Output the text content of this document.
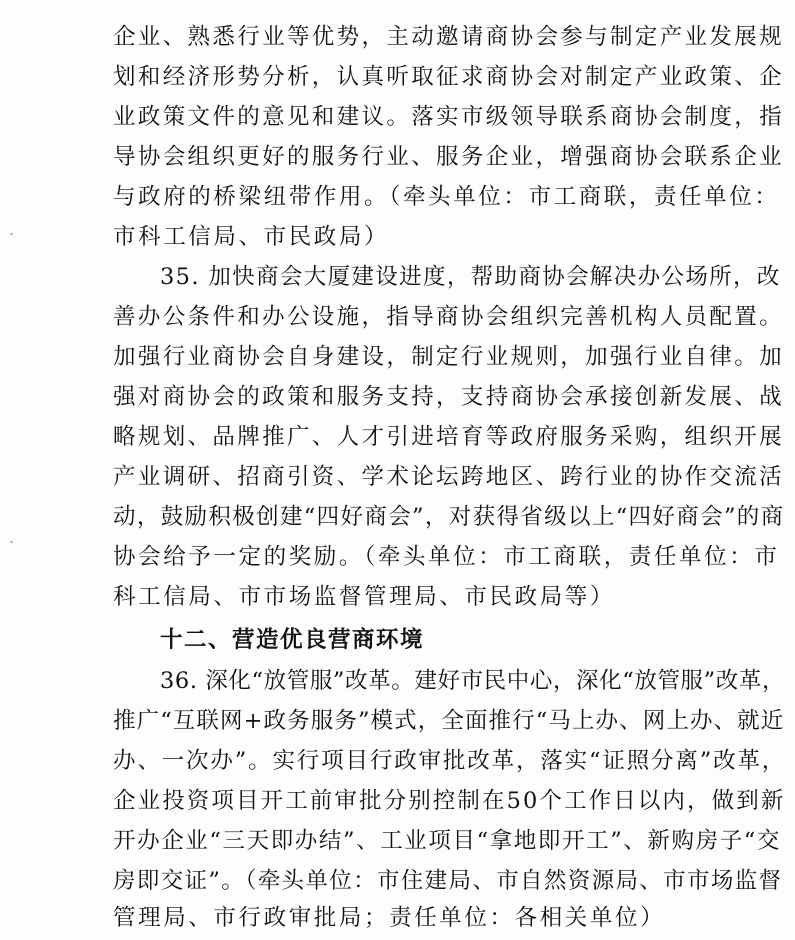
企业、熟悉行业等优势，主动邀请商协会参与制定产业发展规
划和经济形势分析，认真听取征求商协会对制定产业政策、企
业政策文件的意见和建议。落实市级领导联系商协会制度，指
导协会组织更好的服务行业、服务企业，增强商协会联系企业
与政府的桥梁纽带作用。（牵头单位：市工商联，责任单位：
市科工信局、市民政局）
35. 加快商会大厦建设进度，帮助商协会解决办公场所，改
善办公条件和办公设施，指导商协会组织完善机构人员配置。
加强行业商协会自身建设，制定行业规则，加强行业自律。加
强对商协会的政策和服务支持，支持商协会承接创新发展、战
略规划、品牌推广、人才引进培育等政府服务采购，组织开展
产业调研、招商引资、学术论坛跨地区、跨行业的协作交流活
动，鼓励积极创建“四好商会”，对获得省级以上“四好商会”的商
协会给予一定的奖励。（牵头单位：市工商联，责任单位：市
科工信局、市市场监督管理局、市民政局等）
十二、营造优良营商环境
36. 深化“放管服”改革。建好市民中心，深化“放管服”改革，
推广“互联网+政务服务”模式，全面推行“马上办、网上办、就近
办、一次办”。实行项目行政审批改革，落实“证照分离”改革，
企业投资项目开工前审批分别控制在50个工作日以内，做到新
开办企业“三天即办结”、工业项目“拿地即开工”、新购房子“交
房即交证”。（牵头单位：市住建局、市自然资源局、市市场监督
管理局、市行政审批局；责任单位：各相关单位）
